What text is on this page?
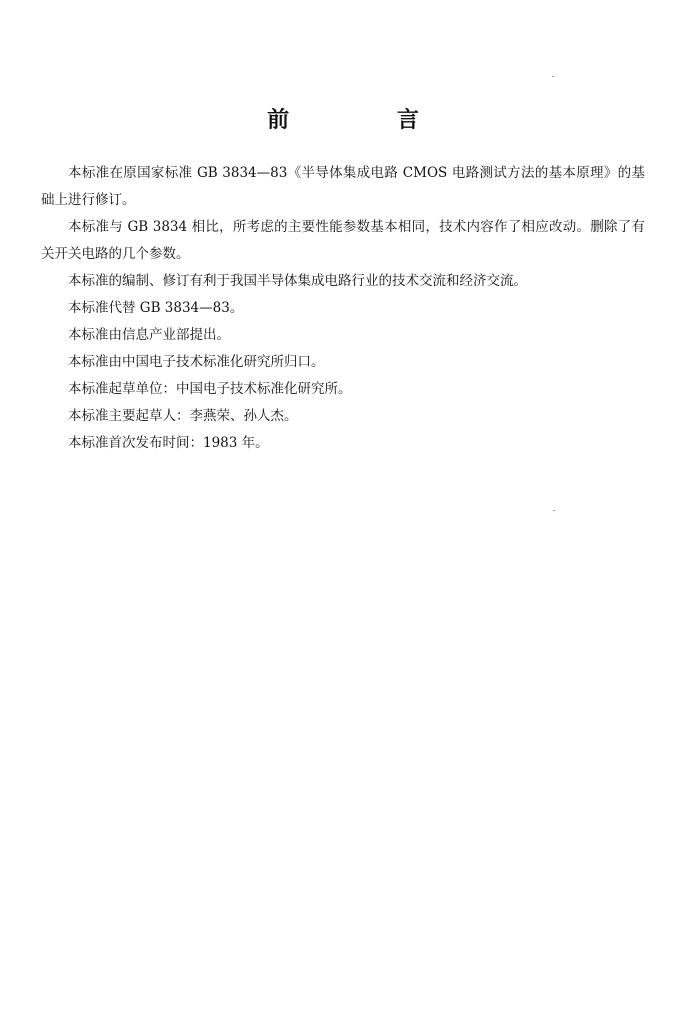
前 言

本标准在原国家标准 GB 3834—83《半导体集成电路 CMOS 电路测试方法的基本原理》的基础上进行修订。

本标准与 GB 3834 相比，所考虑的主要性能参数基本相同，技术内容作了相应改动。删除了有关开关电路的几个参数。

本标准的编制、修订有利于我国半导体集成电路行业的技术交流和经济交流。

本标准代替 GB 3834—83。

本标准由信息产业部提出。

本标准由中国电子技术标准化研究所归口。

本标准起草单位：中国电子技术标准化研究所。

本标准主要起草人：李燕荣、孙人杰。

本标准首次发布时间：1983 年。
